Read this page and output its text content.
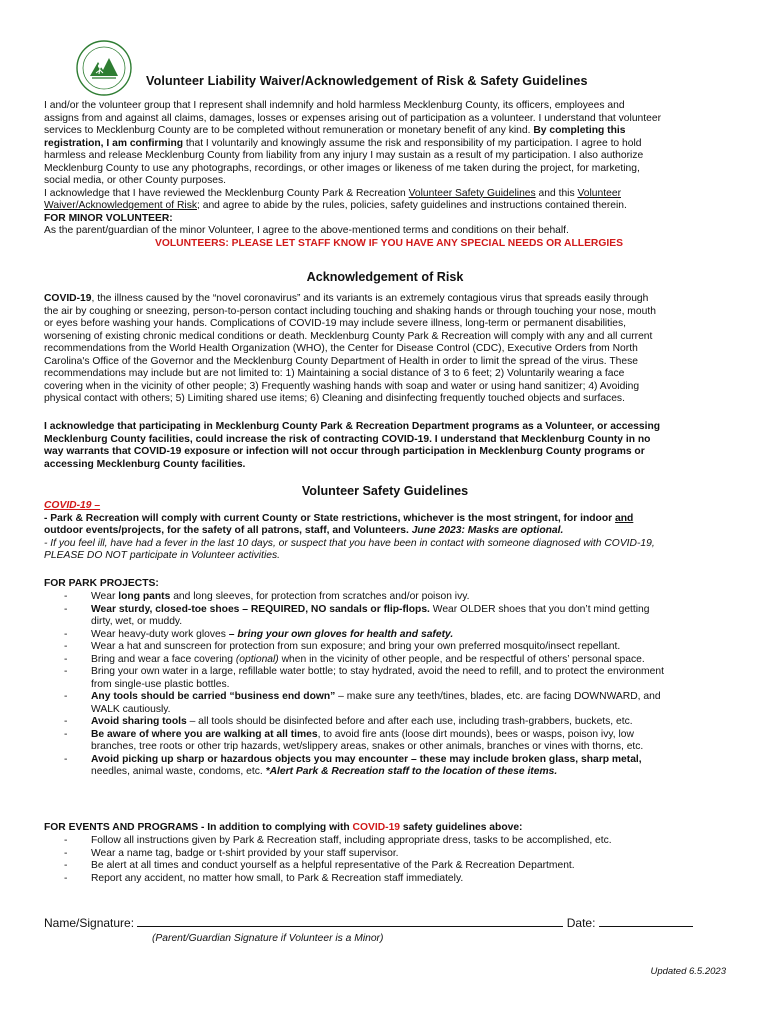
Volunteer Liability Waiver/Acknowledgement of Risk & Safety Guidelines
I and/or the volunteer group that I represent shall indemnify and hold harmless Mecklenburg County, its officers, employees and
assigns from and against all claims, damages, losses or expenses arising out of participation as a volunteer. I understand that volunteer
services to Mecklenburg County are to be completed without remuneration or monetary benefit of any kind. By completing this
registration, I am confirming that I voluntarily and knowingly assume the risk and responsibility of my participation. I agree to hold
harmless and release Mecklenburg County from liability from any injury I may sustain as a result of my participation. I also authorize
Mecklenburg County to use any photographs, recordings, or other images or likeness of me taken during the project, for marketing,
social media, or other County purposes.
I acknowledge that I have reviewed the Mecklenburg County Park & Recreation Volunteer Safety Guidelines and this Volunteer
Waiver/Acknowledgement of Risk; and agree to abide by the rules, policies, safety guidelines and instructions contained therein.
FOR MINOR VOLUNTEER:
As the parent/guardian of the minor Volunteer, I agree to the above-mentioned terms and conditions on their behalf.
VOLUNTEERS: PLEASE LET STAFF KNOW IF YOU HAVE ANY SPECIAL NEEDS OR ALLERGIES
Acknowledgement of Risk
COVID-19, the illness caused by the “novel coronavirus” and its variants is an extremely contagious virus that spreads easily through
the air by coughing or sneezing, person-to-person contact including touching and shaking hands or through touching your nose, mouth
or eyes before washing your hands. Complications of COVID-19 may include severe illness, long-term or permanent disabilities,
worsening of existing chronic medical conditions or death. Mecklenburg County Park & Recreation will comply with any and all current
recommendations from the World Health Organization (WHO), the Center for Disease Control (CDC), Executive Orders from North
Carolina's Office of the Governor and the Mecklenburg County Department of Health in order to limit the spread of the virus. These
recommendations may include but are not limited to: 1) Maintaining a social distance of 3 to 6 feet; 2) Voluntarily wearing a face
covering when in the vicinity of other people; 3) Frequently washing hands with soap and water or using hand sanitizer; 4) Avoiding
physical contact with others; 5) Limiting shared use items; 6) Cleaning and disinfecting frequently touched objects and surfaces.
I acknowledge that participating in Mecklenburg County Park & Recreation Department programs as a Volunteer, or accessing
Mecklenburg County facilities, could increase the risk of contracting COVID-19. I understand that Mecklenburg County in no
way warrants that COVID-19 exposure or infection will not occur through participation in Mecklenburg County programs or
accessing Mecklenburg County facilities.
Volunteer Safety Guidelines
COVID-19 –
- Park & Recreation will comply with current County or State restrictions, whichever is the most stringent, for indoor and
outdoor events/projects, for the safety of all patrons, staff, and Volunteers. June 2023: Masks are optional.
- If you feel ill, have had a fever in the last 10 days, or suspect that you have been in contact with someone diagnosed with COVID-19,
PLEASE DO NOT participate in Volunteer activities.
FOR PARK PROJECTS:
- Wear long pants and long sleeves, for protection from scratches and/or poison ivy.
- Wear sturdy, closed-toe shoes – REQUIRED, NO sandals or flip-flops. Wear OLDER shoes that you don’t mind getting
dirty, wet, or muddy.
- Wear heavy-duty work gloves – bring your own gloves for health and safety.
- Wear a hat and sunscreen for protection from sun exposure; and bring your own preferred mosquito/insect repellant.
- Bring and wear a face covering (optional) when in the vicinity of other people, and be respectful of others’ personal space.
- Bring your own water in a large, refillable water bottle; to stay hydrated, avoid the need to refill, and to protect the environment
from single-use plastic bottles.
- Any tools should be carried “business end down” – make sure any teeth/tines, blades, etc. are facing DOWNWARD, and
WALK cautiously.
- Avoid sharing tools – all tools should be disinfected before and after each use, including trash-grabbers, buckets, etc.
- Be aware of where you are walking at all times, to avoid fire ants (loose dirt mounds), bees or wasps, poison ivy, low
branches, tree roots or other trip hazards, wet/slippery areas, snakes or other animals, branches or vines with thorns, etc.
- Avoid picking up sharp or hazardous objects you may encounter – these may include broken glass, sharp metal,
needles, animal waste, condoms, etc. *Alert Park & Recreation staff to the location of these items.
FOR EVENTS AND PROGRAMS - In addition to complying with COVID-19 safety guidelines above:
- Follow all instructions given by Park & Recreation staff, including appropriate dress, tasks to be accomplished, etc.
- Wear a name tag, badge or t-shirt provided by your staff supervisor.
- Be alert at all times and conduct yourself as a helpful representative of the Park & Recreation Department.
- Report any accident, no matter how small, to Park & Recreation staff immediately.
Name/Signature:	Date:
(Parent/Guardian Signature if Volunteer is a Minor)
Updated 6.5.2023
